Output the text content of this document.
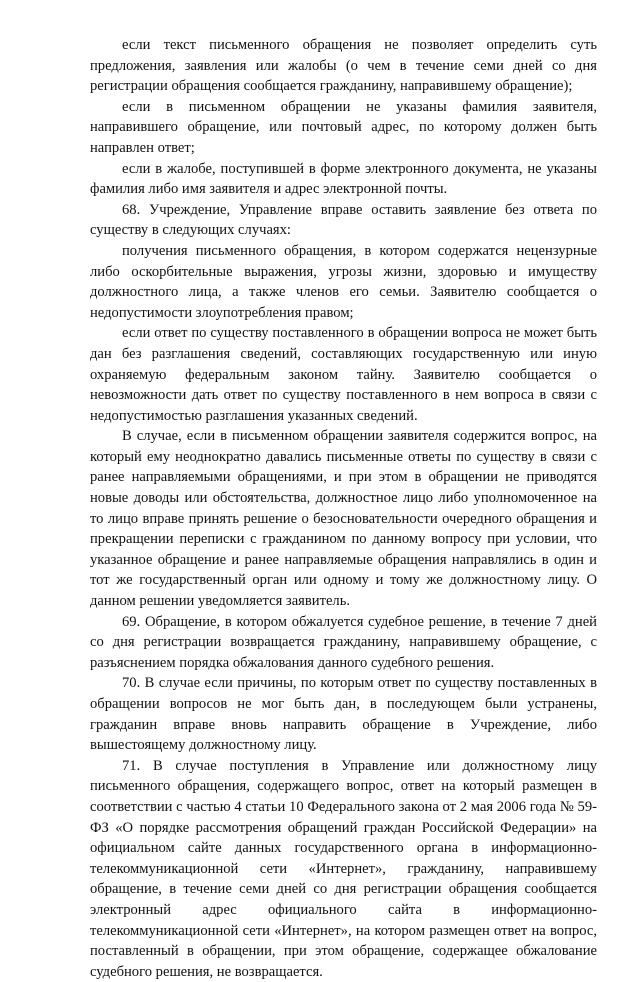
если текст письменного обращения не позволяет определить суть предложения, заявления или жалобы (о чем в течение семи дней со дня регистрации обращения сообщается гражданину, направившему обращение);

если в письменном обращении не указаны фамилия заявителя, направившего обращение, или почтовый адрес, по которому должен быть направлен ответ;

если в жалобе, поступившей в форме электронного документа, не указаны фамилия либо имя заявителя и адрес электронной почты.

68. Учреждение, Управление вправе оставить заявление без ответа по существу в следующих случаях:

получения письменного обращения, в котором содержатся нецензурные либо оскорбительные выражения, угрозы жизни, здоровью и имуществу должностного лица, а также членов его семьи. Заявителю сообщается о недопустимости злоупотребления правом;

если ответ по существу поставленного в обращении вопроса не может быть дан без разглашения сведений, составляющих государственную или иную охраняемую федеральным законом тайну. Заявителю сообщается о невозможности дать ответ по существу поставленного в нем вопроса в связи с недопустимостью разглашения указанных сведений.

В случае, если в письменном обращении заявителя содержится вопрос, на который ему неоднократно давались письменные ответы по существу в связи с ранее направляемыми обращениями, и при этом в обращении не приводятся новые доводы или обстоятельства, должностное лицо либо уполномоченное на то лицо вправе принять решение о безосновательности очередного обращения и прекращении переписки с гражданином по данному вопросу при условии, что указанное обращение и ранее направляемые обращения направлялись в один и тот же государственный орган или одному и тому же должностному лицу. О данном решении уведомляется заявитель.

69. Обращение, в котором обжалуется судебное решение, в течение 7 дней со дня регистрации возвращается гражданину, направившему обращение, с разъяснением порядка обжалования данного судебного решения.

70. В случае если причины, по которым ответ по существу поставленных в обращении вопросов не мог быть дан, в последующем были устранены, гражданин вправе вновь направить обращение в Учреждение, либо вышестоящему должностному лицу.

71. В случае поступления в Управление или должностному лицу письменного обращения, содержащего вопрос, ответ на который размещен в соответствии с частью 4 статьи 10 Федерального закона от 2 мая 2006 года № 59-ФЗ «О порядке рассмотрения обращений граждан Российской Федерации» на официальном сайте данных государственного органа в информационно-телекоммуникационной сети «Интернет», гражданину, направившему обращение, в течение семи дней со дня регистрации обращения сообщается электронный адрес официального сайта в информационно-телекоммуникационной сети «Интернет», на котором размещен ответ на вопрос, поставленный в обращении, при этом обращение, содержащее обжалование судебного решения, не возвращается.
